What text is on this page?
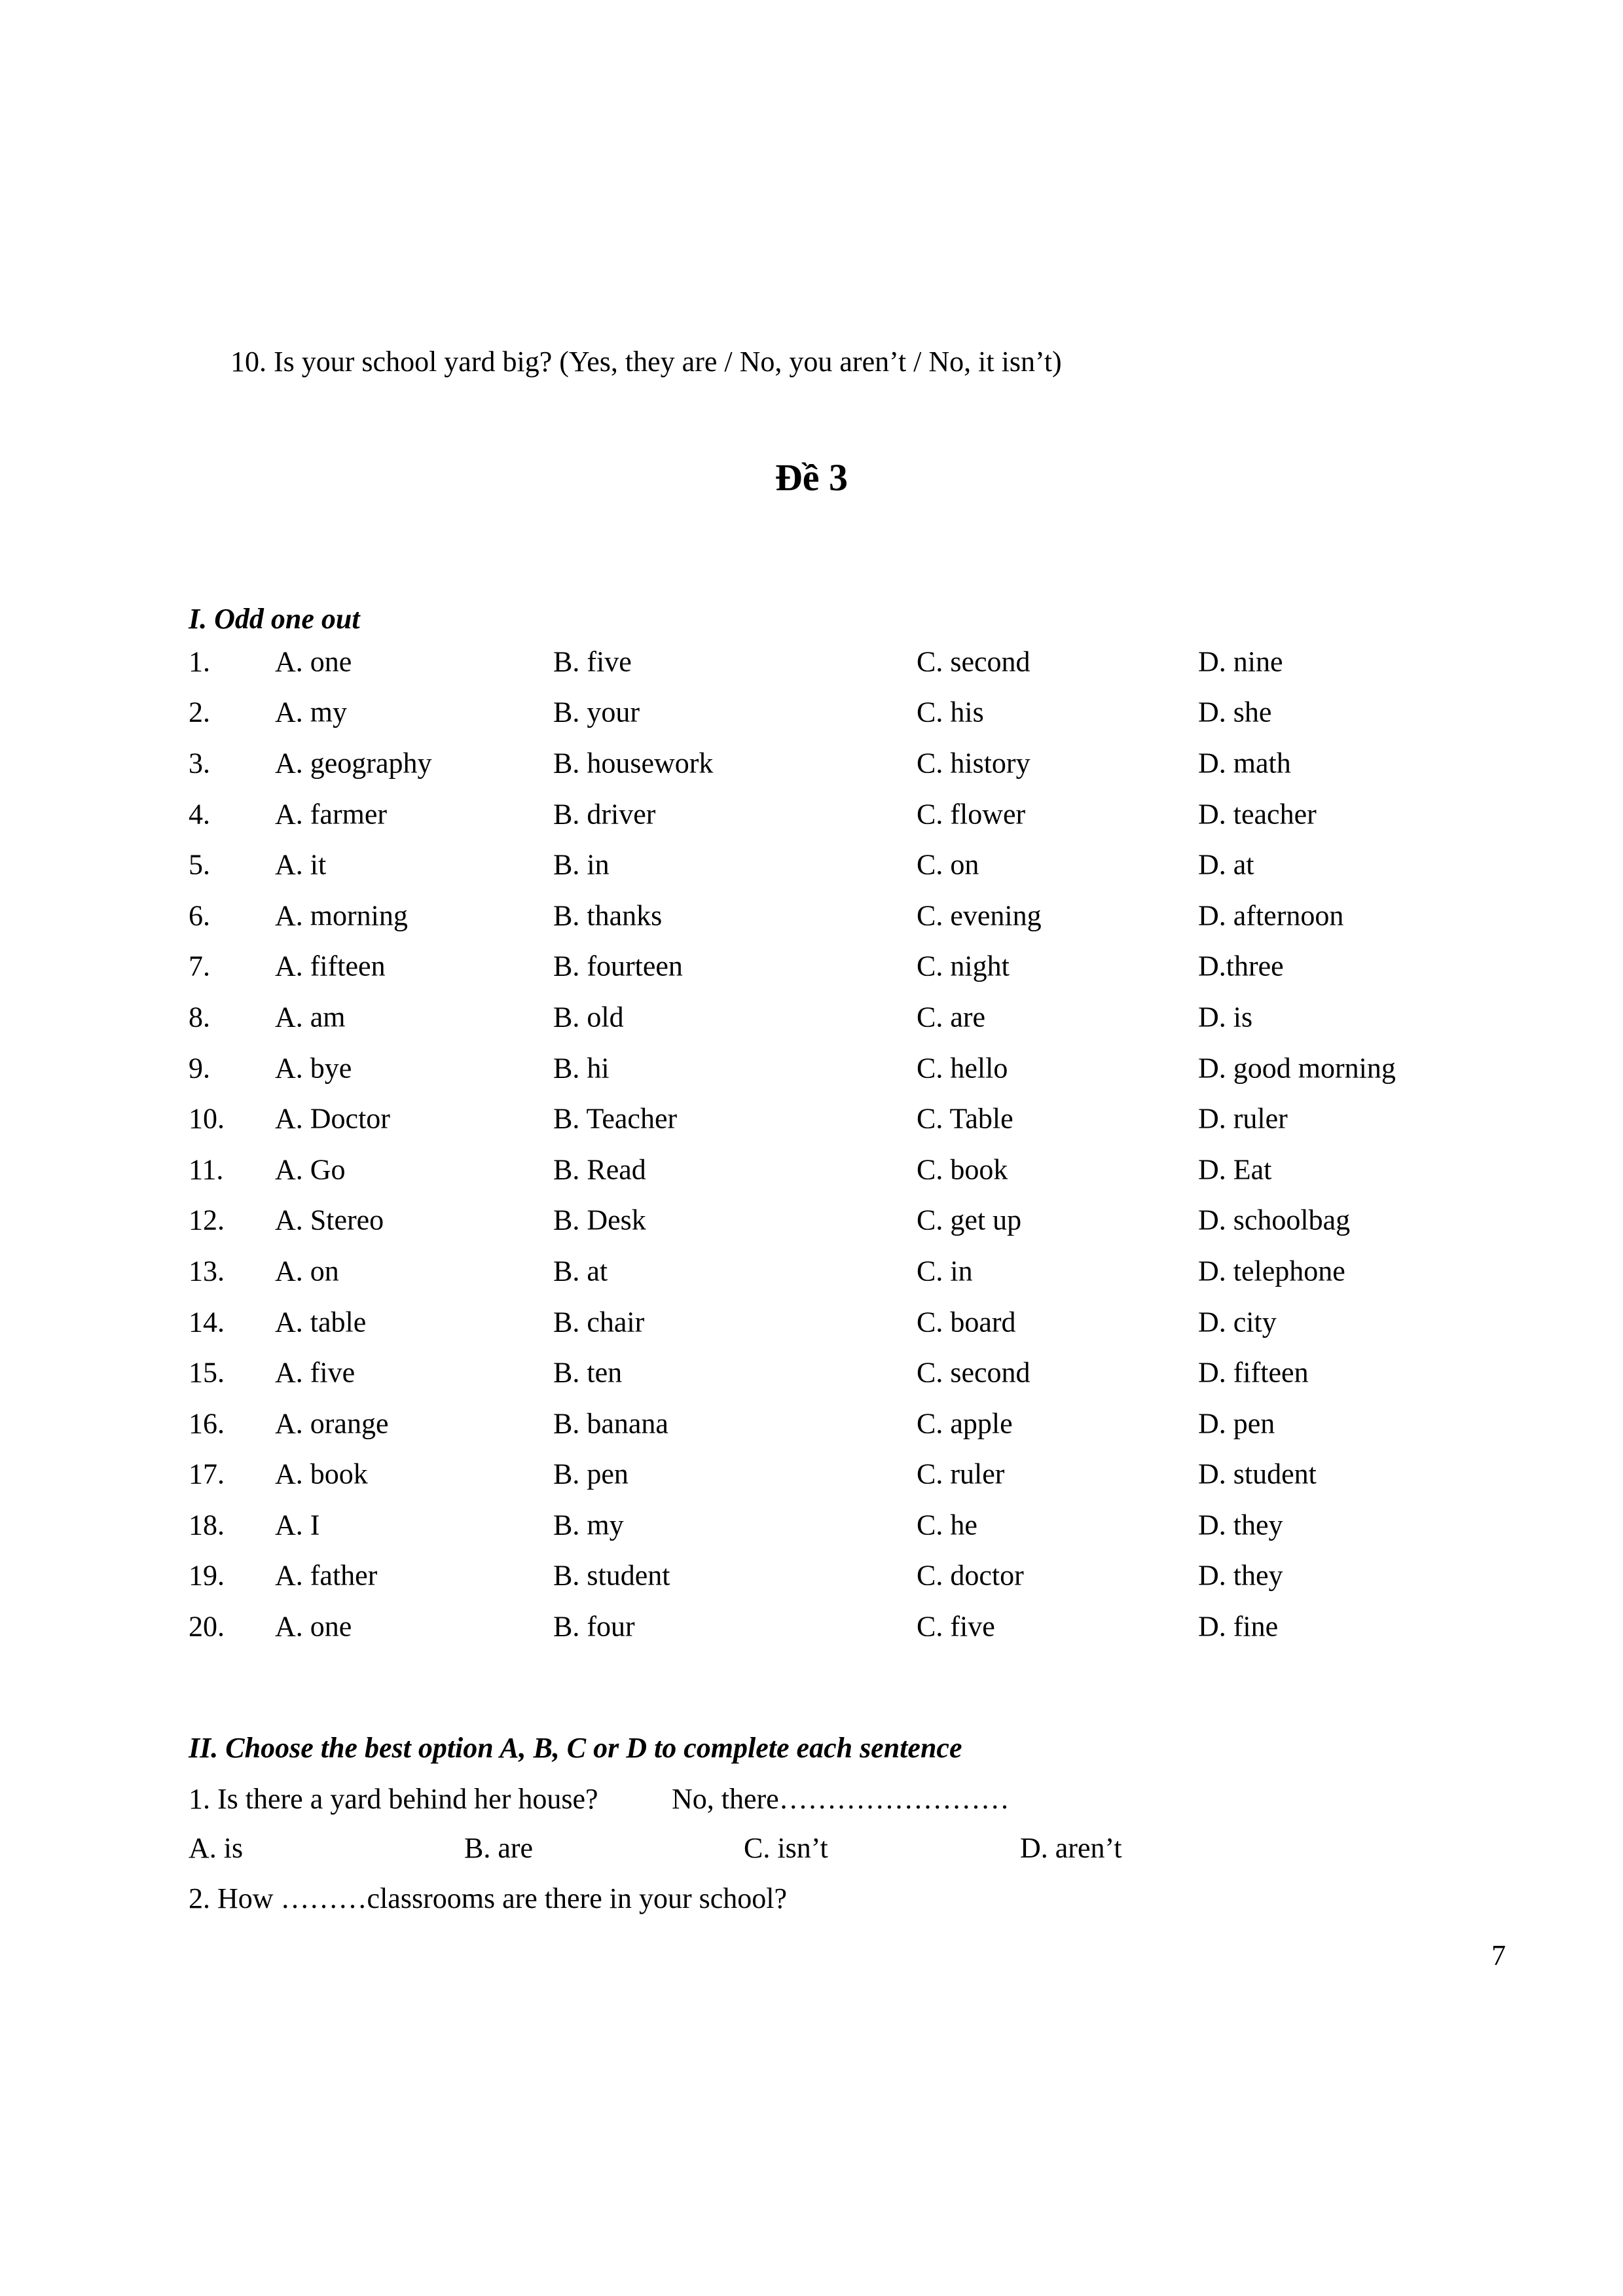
10. Is your school yard big? (Yes, they are / No, you aren’t / No, it isn’t)
Đề 3
I. Odd one out
1. A. one	B. five	C. second	D. nine
2. A. my	B. your	C. his	D. she
3. A. geography	B. housework	C. history	D. math
4. A. farmer	B. driver	C. flower	D. teacher
5. A. it	B. in	C. on	D. at
6. A. morning	B. thanks	C. evening	D. afternoon
7. A. fifteen	B. fourteen	C. night	D.three
8. A. am	B. old	C. are	D. is
9. A. bye	B. hi	C. hello	D. good morning
10. A. Doctor	B. Teacher	C. Table	D. ruler
11. A. Go	B. Read	C. book	D. Eat
12. A. Stereo	B. Desk	C. get up	D. schoolbag
13. A. on	B. at	C. in	D. telephone
14. A. table	B. chair	C. board	D. city
15. A. five	B. ten	C. second	D. fifteen
16. A. orange	B. banana	C. apple	D. pen
17. A. book	B. pen	C. ruler	D. student
18. A. I	B. my	C. he	D. they
19. A. father	B. student	C. doctor	D. they
20. A. one	B. four	C. five	D. fine
II. Choose the best option A, B, C or D to complete each sentence
1. Is there a yard behind her house?	No, there……………………
A. is	B. are	C. isn’t	D. aren’t
2. How ………classrooms are there in your school?
7
